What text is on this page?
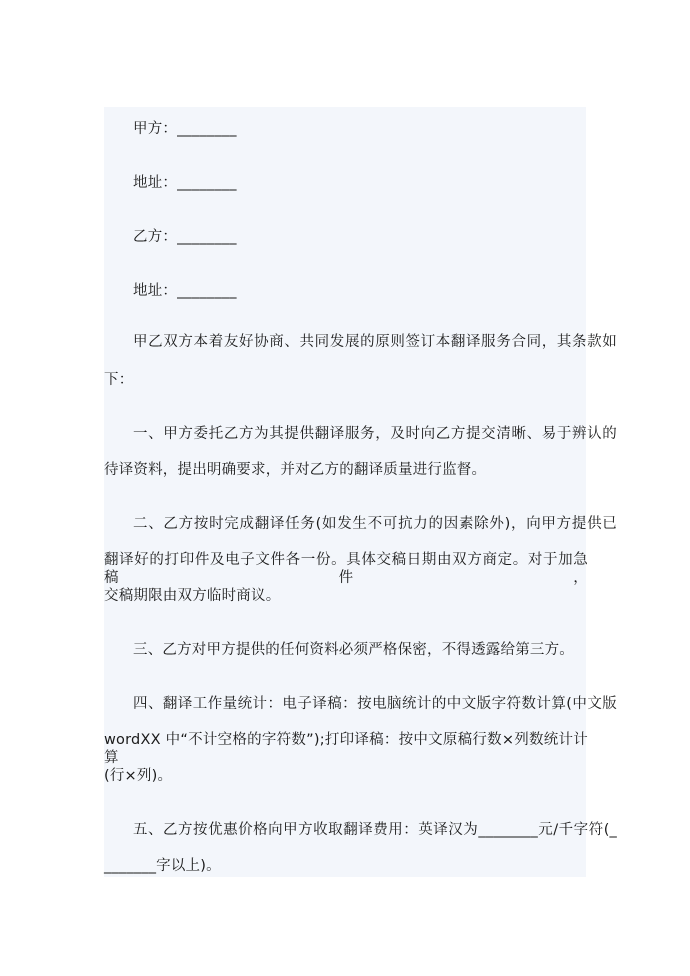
甲方：________
地址：________
乙方：________
地址：________
甲乙双方本着友好协商、共同发展的原则签订本翻译服务合同，其条款如
下：
一、甲方委托乙方为其提供翻译服务，及时向乙方提交清晰、易于辨认的
待译资料，提出明确要求，并对乙方的翻译质量进行监督。
二、乙方按时完成翻译任务(如发生不可抗力的因素除外)，向甲方提供已
翻译好的打印件及电子文件各一份。具体交稿日期由双方商定。对于加急稿件，
交稿期限由双方临时商议。
三、乙方对甲方提供的任何资料必须严格保密，不得透露给第三方。
四、翻译工作量统计：电子译稿：按电脑统计的中文版字符数计算(中文版
wordXX 中“不计空格的字符数”);打印译稿：按中文原稿行数×列数统计计算
(行×列)。
五、乙方按优惠价格向甲方收取翻译费用：英译汉为________元/千字符(_
_______字以上)。
